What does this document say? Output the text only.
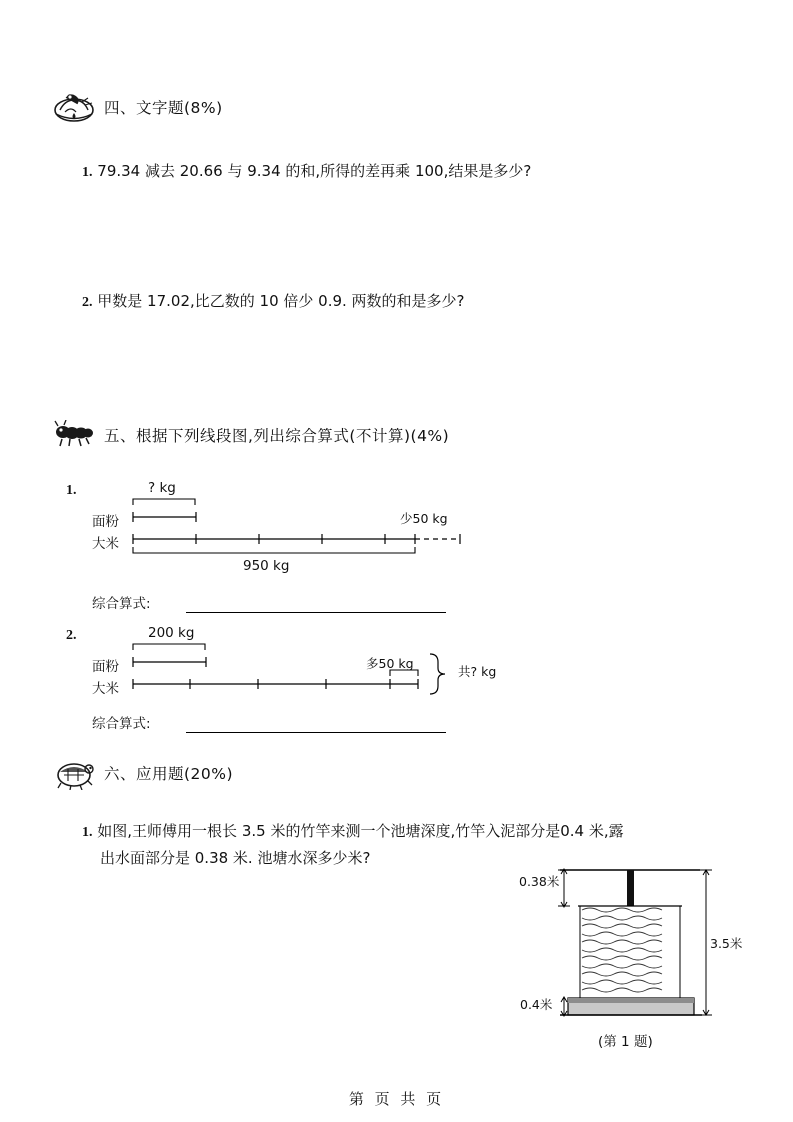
四、文字题(8%)
1. 79.34 减去 20.66 与 9.34 的和,所得的差再乘 100,结果是多少?
2. 甲数是 17.02,比乙数的 10 倍少 0.9. 两数的和是多少?
五、根据下列线段图,列出综合算式(不计算)(4%)
1.	? kg
面粉
大米
少50 kg
950 kg
综合算式:
2.	200 kg
面粉
大米
多50 kg
共? kg
综合算式:
六、应用题(20%)
1. 如图,王师傅用一根长 3.5 米的竹竿来测一个池塘深度,竹竿入泥部分是0.4 米,露
出水面部分是 0.38 米. 池塘水深多少米?
0.38米
0.4米
3.5米
(第 1 题)
第 页 共 页
